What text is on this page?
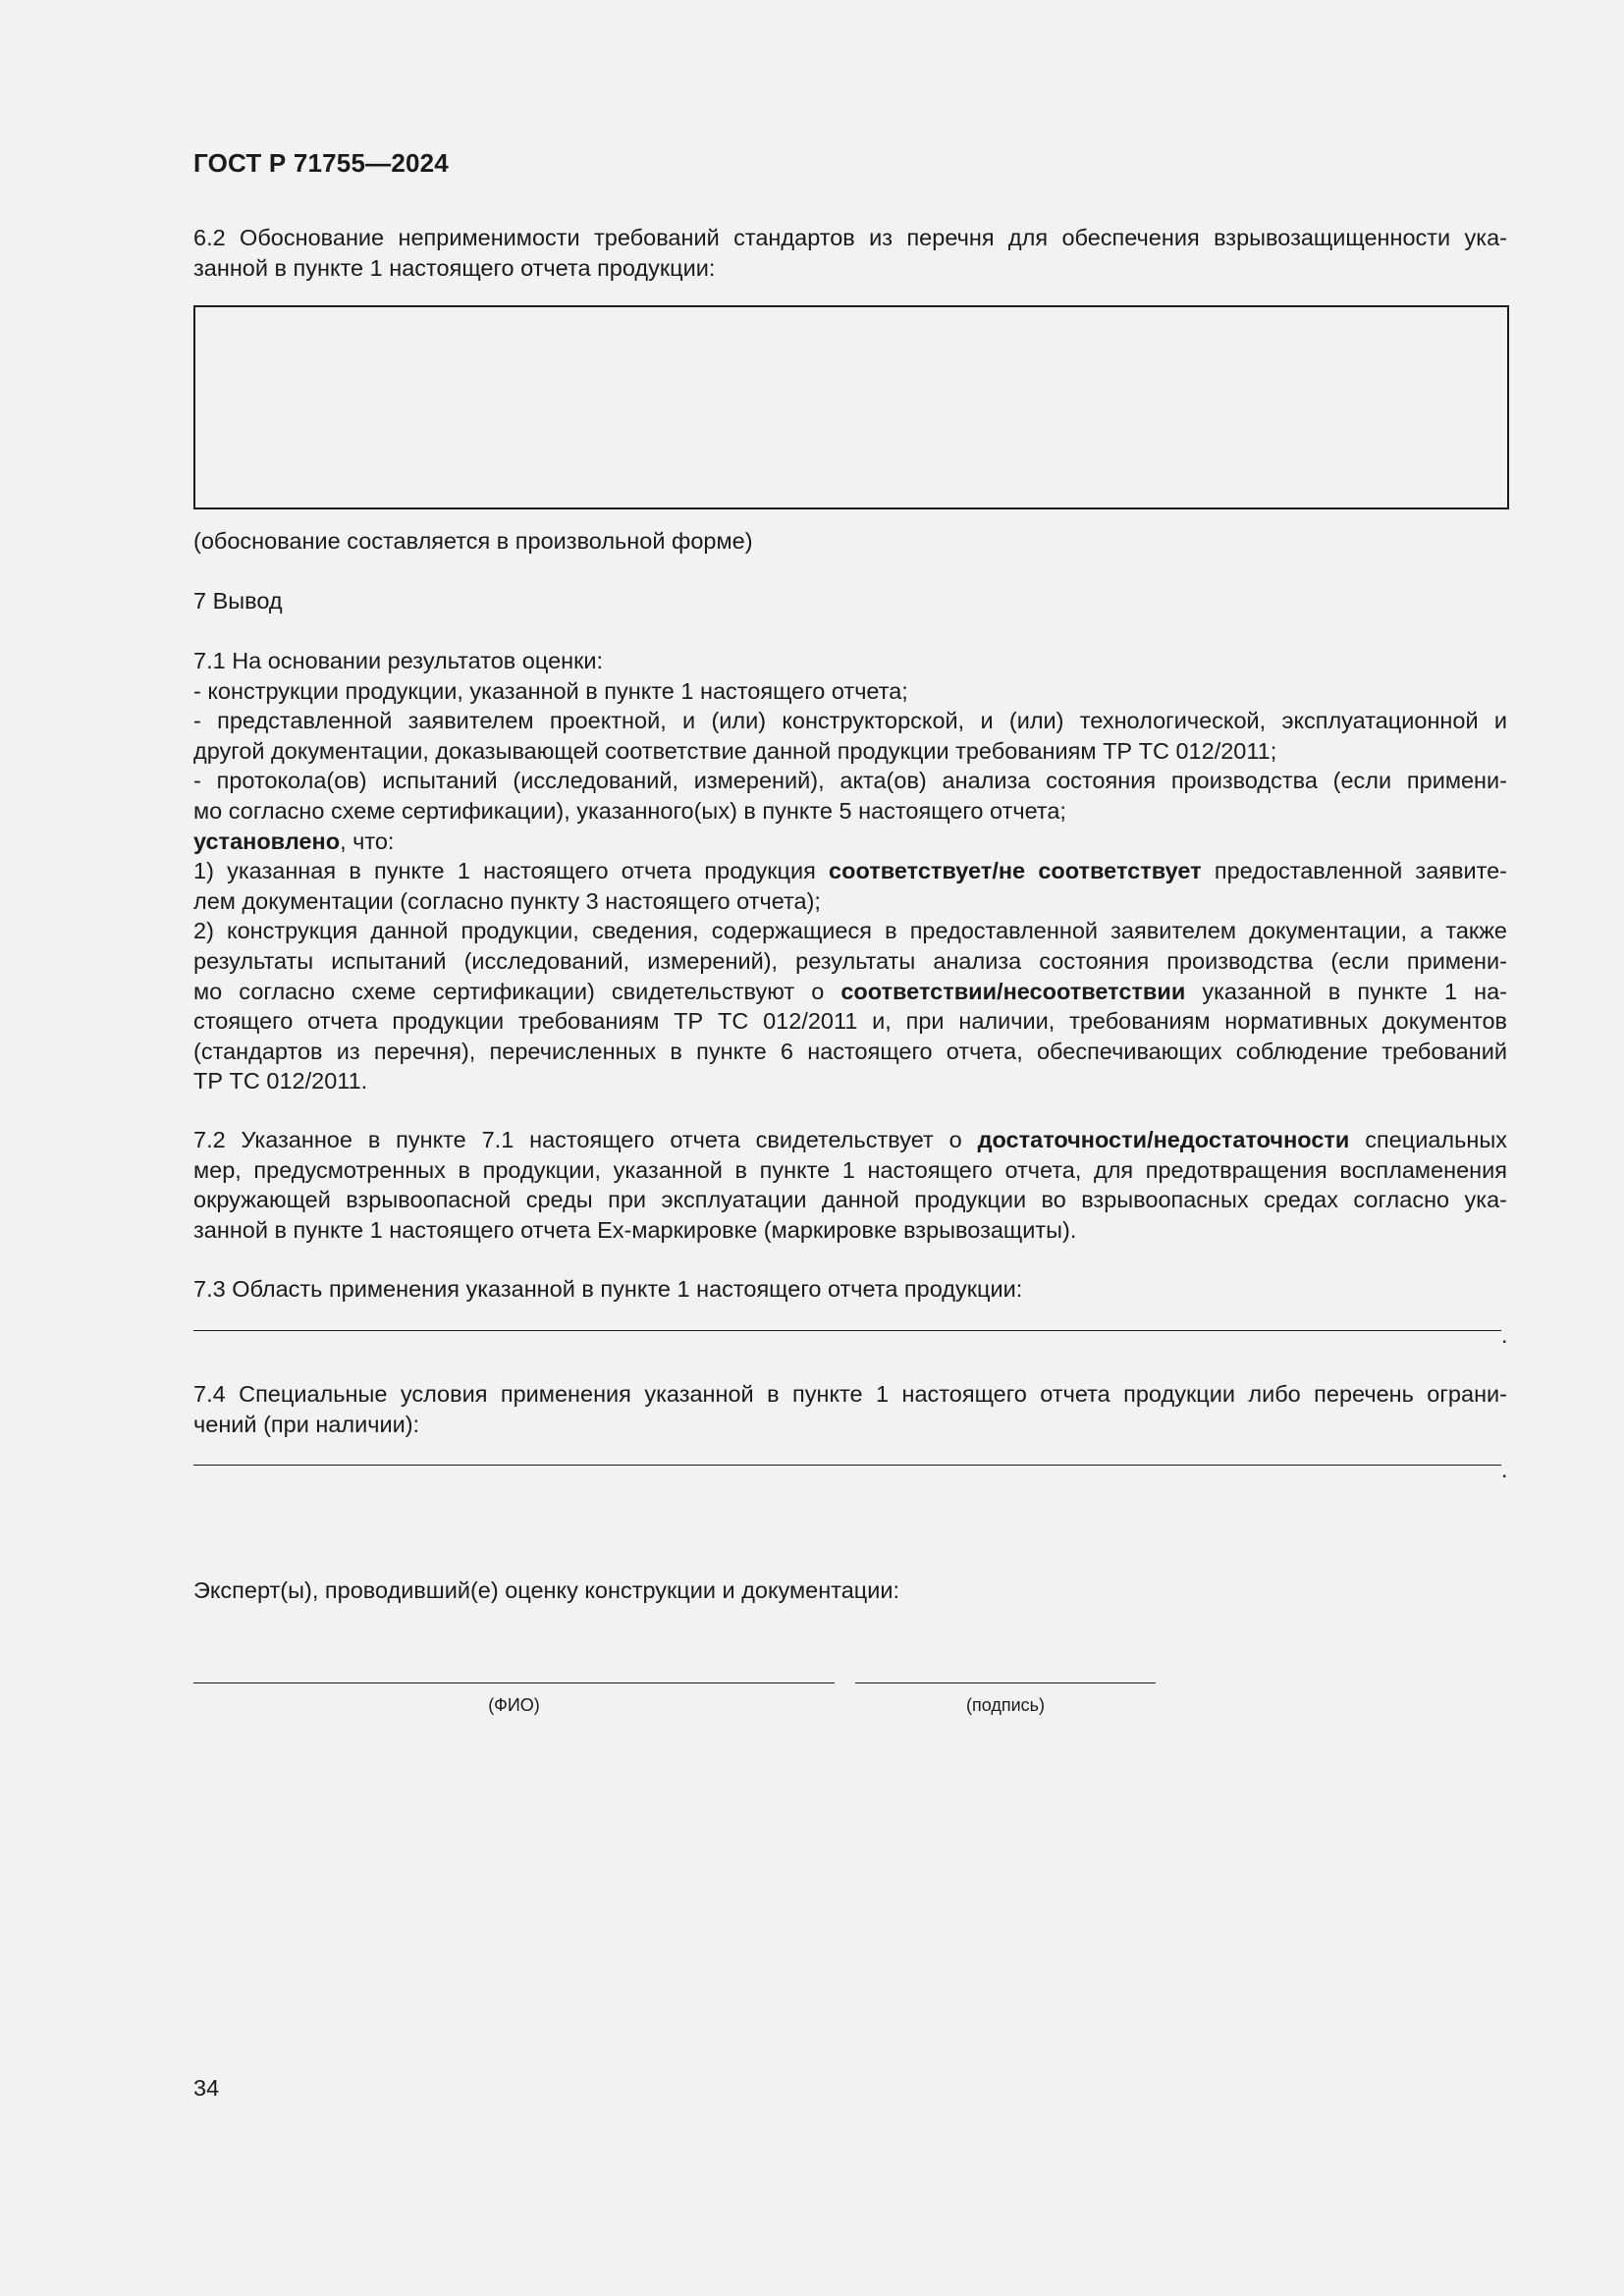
ГОСТ Р 71755—2024
6.2 Обоснование неприменимости требований стандартов из перечня для обеспечения взрывозащищенности ука-
занной в пункте 1 настоящего отчета продукции:
(обоснование составляется в произвольной форме)
7 Вывод
7.1 На основании результатов оценки:
- конструкции продукции, указанной в пункте 1 настоящего отчета;
- представленной заявителем проектной, и (или) конструкторской, и (или) технологической, эксплуатационной и
другой документации, доказывающей соответствие данной продукции требованиям ТР ТС 012/2011;
- протокола(ов) испытаний (исследований, измерений), акта(ов) анализа состояния производства (если примени-
мо согласно схеме сертификации), указанного(ых) в пункте 5 настоящего отчета;
установлено, что:
1) указанная в пункте 1 настоящего отчета продукция соответствует/не соответствует предоставленной заявите-
лем документации (согласно пункту 3 настоящего отчета);
2) конструкция данной продукции, сведения, содержащиеся в предоставленной заявителем документации, а также
результаты испытаний (исследований, измерений), результаты анализа состояния производства (если примени-
мо согласно схеме сертификации) свидетельствуют о соответствии/несоответствии указанной в пункте 1 на-
стоящего отчета продукции требованиям ТР ТС 012/2011 и, при наличии, требованиям нормативных документов
(стандартов из перечня), перечисленных в пункте 6 настоящего отчета, обеспечивающих соблюдение требований
ТР ТС 012/2011.
7.2 Указанное в пункте 7.1 настоящего отчета свидетельствует о достаточности/недостаточности специальных
мер, предусмотренных в продукции, указанной в пункте 1 настоящего отчета, для предотвращения воспламенения
окружающей взрывоопасной среды при эксплуатации данной продукции во взрывоопасных средах согласно ука-
занной в пункте 1 настоящего отчета Ех-маркировке (маркировке взрывозащиты).
7.3 Область применения указанной в пункте 1 настоящего отчета продукции:
.
7.4 Специальные условия применения указанной в пункте 1 настоящего отчета продукции либо перечень ограни-
чений (при наличии):
.
Эксперт(ы), проводивший(е) оценку конструкции и документации:
(ФИО)	(подпись)
34
